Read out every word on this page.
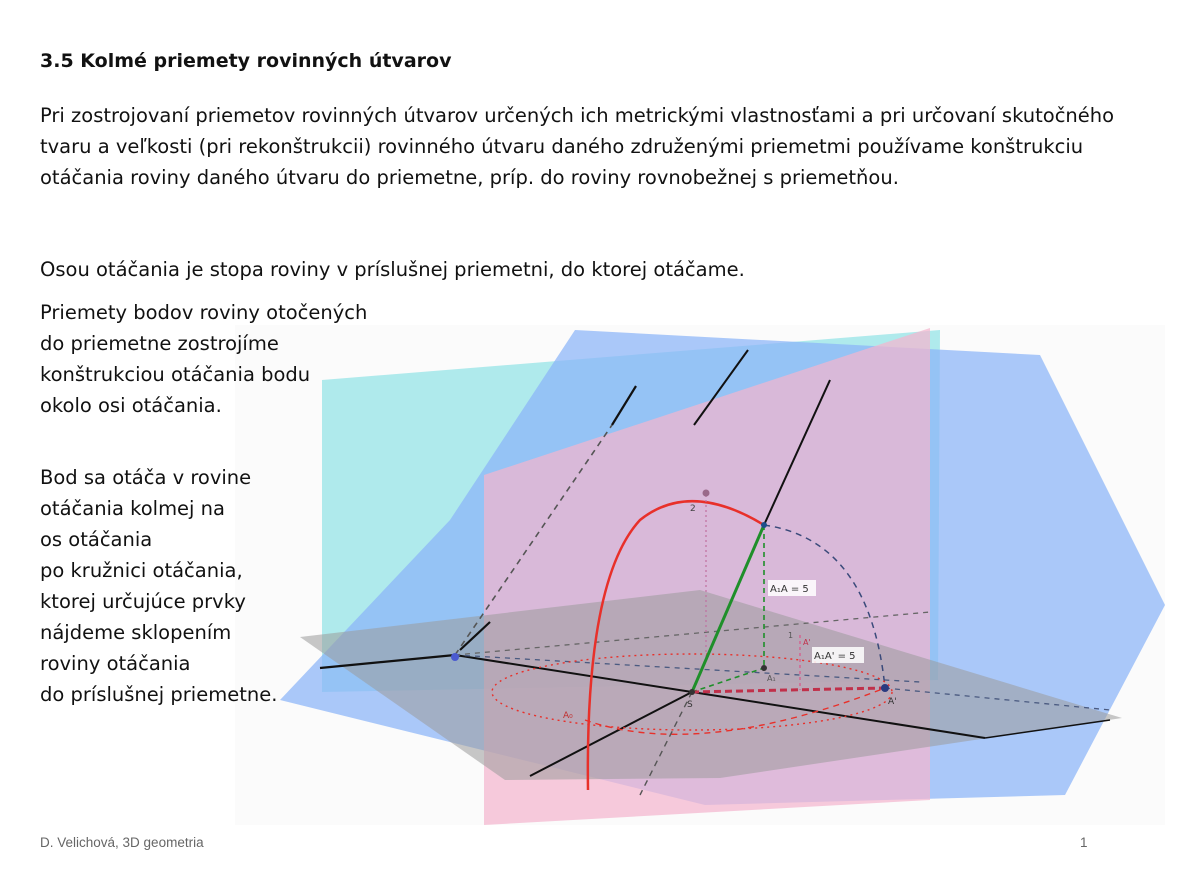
3.5 Kolmé priemety rovinných útvarov

Pri zostrojovaní priemetov rovinných útvarov určených ich metrickými vlastnosťami a pri určovaní skutočného tvaru a veľkosti (pri rekonštrukcii) rovinného útvaru daného združenými priemetmi používame konštrukciu otáčania roviny daného útvaru do priemetne, príp. do roviny rovnobežnej s priemetňou.

Osou otáčania je stopa roviny v príslušnej priemetni, do ktorej otáčame.

Priemety bodov roviny otočených
do priemetne zostrojíme
konštrukciou otáčania bodu
okolo osi otáčania.
Bod sa otáča v rovine
otáčania kolmej na
os otáčania
po kružnici otáčania,
ktorej určujúce prvky
nájdeme sklopením
roviny otáčania
do príslušnej priemetne.
2
A₁A = 5
A₁A' = 5
A'
1
A₁
A'
S
A₀
D. Velichová, 3D geometria	1
